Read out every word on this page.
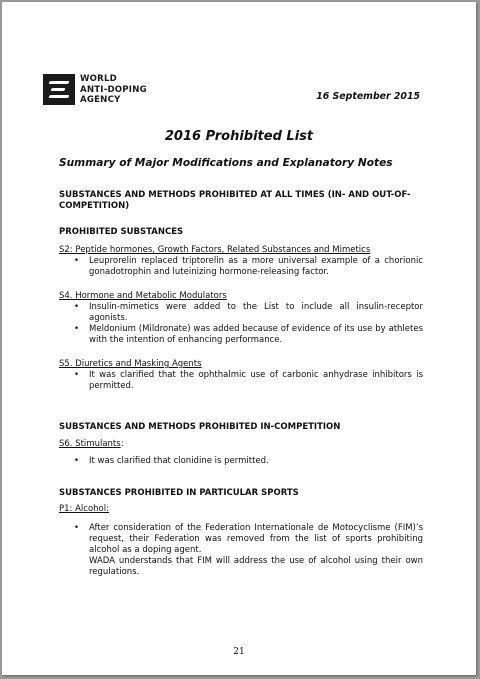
WORLD
ANTI-DOPING
AGENCY	16 September 2015
2016 Prohibited List
Summary of Major Modifications and Explanatory Notes
SUBSTANCES AND METHODS PROHIBITED AT ALL TIMES (IN- AND OUT-OF-COMPETITION)
PROHIBITED SUBSTANCES
S2: Peptide hormones, Growth Factors, Related Substances and Mimetics
• Leuprorelin replaced triptorelin as a more universal example of a chorionic gonadotrophin and luteinizing hormone-releasing factor.
S4. Hormone and Metabolic Modulators
• Insulin-mimetics were added to the List to include all insulin-receptor agonists.
• Meldonium (Mildronate) was added because of evidence of its use by athletes with the intention of enhancing performance.
S5. Diuretics and Masking Agents
• It was clarified that the ophthalmic use of carbonic anhydrase inhibitors is permitted.
SUBSTANCES AND METHODS PROHIBITED IN-COMPETITION
S6. Stimulants:
• It was clarified that clonidine is permitted.
SUBSTANCES PROHIBITED IN PARTICULAR SPORTS
P1: Alcohol:
• After consideration of the Federation Internationale de Motocyclisme (FIM)’s request, their Federation was removed from the list of sports prohibiting alcohol as a doping agent.
WADA understands that FIM will address the use of alcohol using their own regulations.
21
